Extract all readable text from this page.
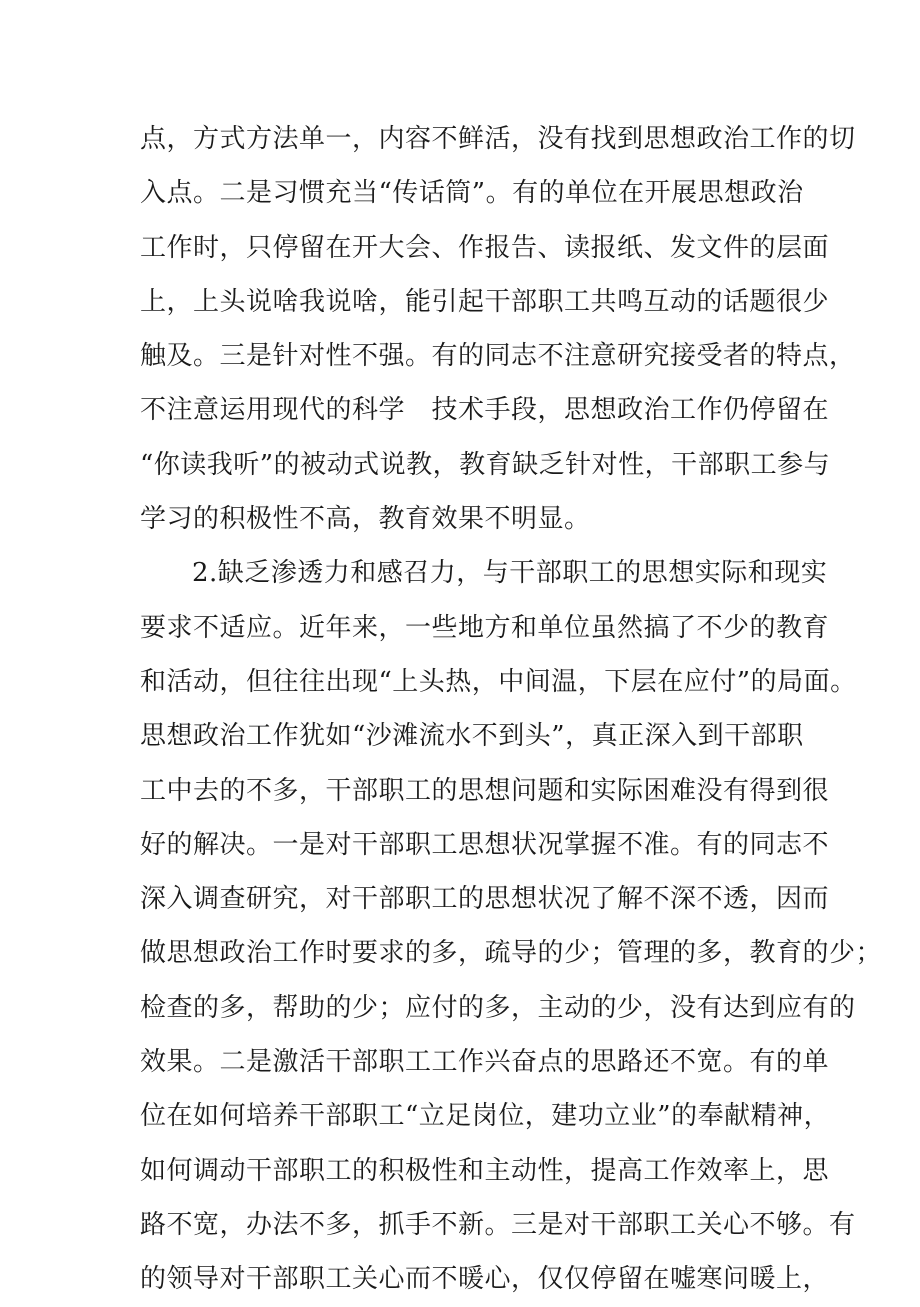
点，方式方法单一，内容不鲜活，没有找到思想政治工作的切
入点。二是习惯充当“传话筒”。有的单位在开展思想政治
工作时，只停留在开大会、作报告、读报纸、发文件的层面
上，上头说啥我说啥，能引起干部职工共鸣互动的话题很少
触及。三是针对性不强。有的同志不注意研究接受者的特点，
不注意运用现代的科学　技术手段，思想政治工作仍停留在
“你读我听”的被动式说教，教育缺乏针对性，干部职工参与
学习的积极性不高，教育效果不明显。
2.缺乏渗透力和感召力，与干部职工的思想实际和现实
要求不适应。近年来，一些地方和单位虽然搞了不少的教育
和活动，但往往出现“上头热，中间温，下层在应付”的局面。
思想政治工作犹如“沙滩流水不到头”，真正深入到干部职
工中去的不多，干部职工的思想问题和实际困难没有得到很
好的解决。一是对干部职工思想状况掌握不准。有的同志不
深入调查研究，对干部职工的思想状况了解不深不透，因而
做思想政治工作时要求的多，疏导的少；管理的多，教育的少；
检查的多，帮助的少；应付的多，主动的少，没有达到应有的
效果。二是激活干部职工工作兴奋点的思路还不宽。有的单
位在如何培养干部职工“立足岗位，建功立业”的奉献精神，
如何调动干部职工的积极性和主动性，提高工作效率上，思
路不宽，办法不多，抓手不新。三是对干部职工关心不够。有
的领导对干部职工关心而不暖心，仅仅停留在嘘寒问暖上，
